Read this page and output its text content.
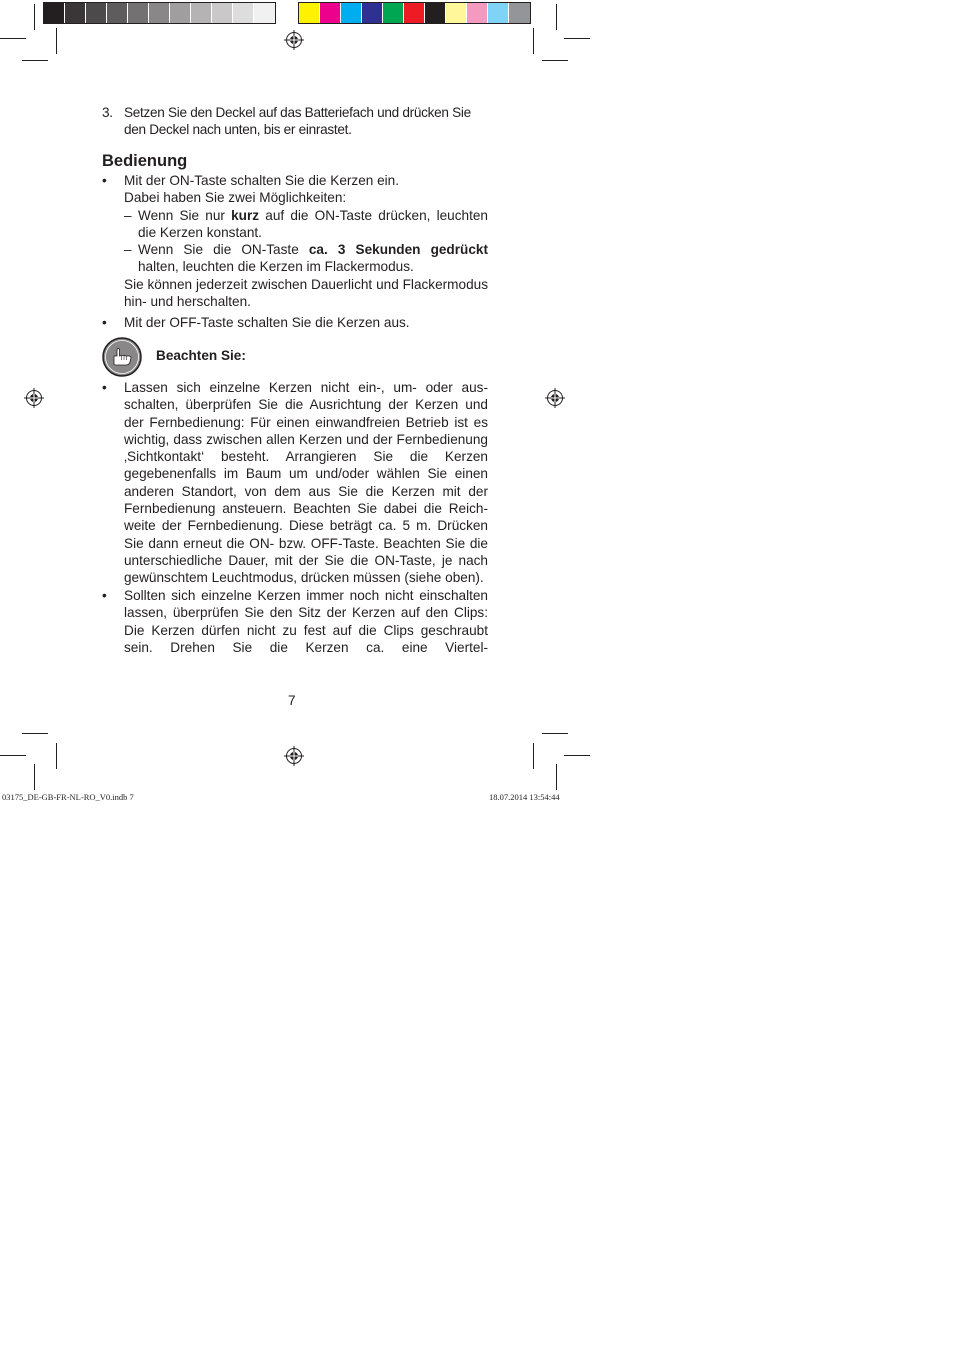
3. Setzen Sie den Deckel auf das Batteriefach und drücken Sie den Deckel nach unten, bis er einrastet.
Bedienung
• Mit der ON-Taste schalten Sie die Kerzen ein.
Dabei haben Sie zwei Möglichkeiten:
– Wenn Sie nur kurz auf die ON-Taste drücken, leuchten die Kerzen konstant.
– Wenn Sie die ON-Taste ca. 3 Sekunden gedrückt halten, leuchten die Kerzen im Flackermodus.
Sie können jederzeit zwischen Dauerlicht und Flackermodus hin- und herschalten.
• Mit der OFF-Taste schalten Sie die Kerzen aus.
Beachten Sie:
• Lassen sich einzelne Kerzen nicht ein-, um- oder ausschalten, überprüfen Sie die Ausrichtung der Kerzen und der Fernbedienung: Für einen einwandfreien Betrieb ist es wichtig, dass zwischen allen Kerzen und der Fernbedienung ‚Sichtkontakt‘ besteht. Arrangieren Sie die Kerzen gegebenenfalls im Baum um und/oder wählen Sie einen anderen Standort, von dem aus Sie die Kerzen mit der Fernbedienung ansteuern. Beachten Sie dabei die Reichweite der Fernbedienung. Diese beträgt ca. 5 m. Drücken Sie dann erneut die ON- bzw. OFF-Taste. Beachten Sie die unterschiedliche Dauer, mit der Sie die ON-Taste, je nach gewünschtem Leuchtmodus, drücken müssen (siehe oben).
• Sollten sich einzelne Kerzen immer noch nicht einschalten lassen, überprüfen Sie den Sitz der Kerzen auf den Clips: Die Kerzen dürfen nicht zu fest auf die Clips geschraubt sein. Drehen Sie die Kerzen ca. eine Viertel-
7
03175_DE-GB-FR-NL-RO_V0.indb 7	18.07.2014 13:54:44
